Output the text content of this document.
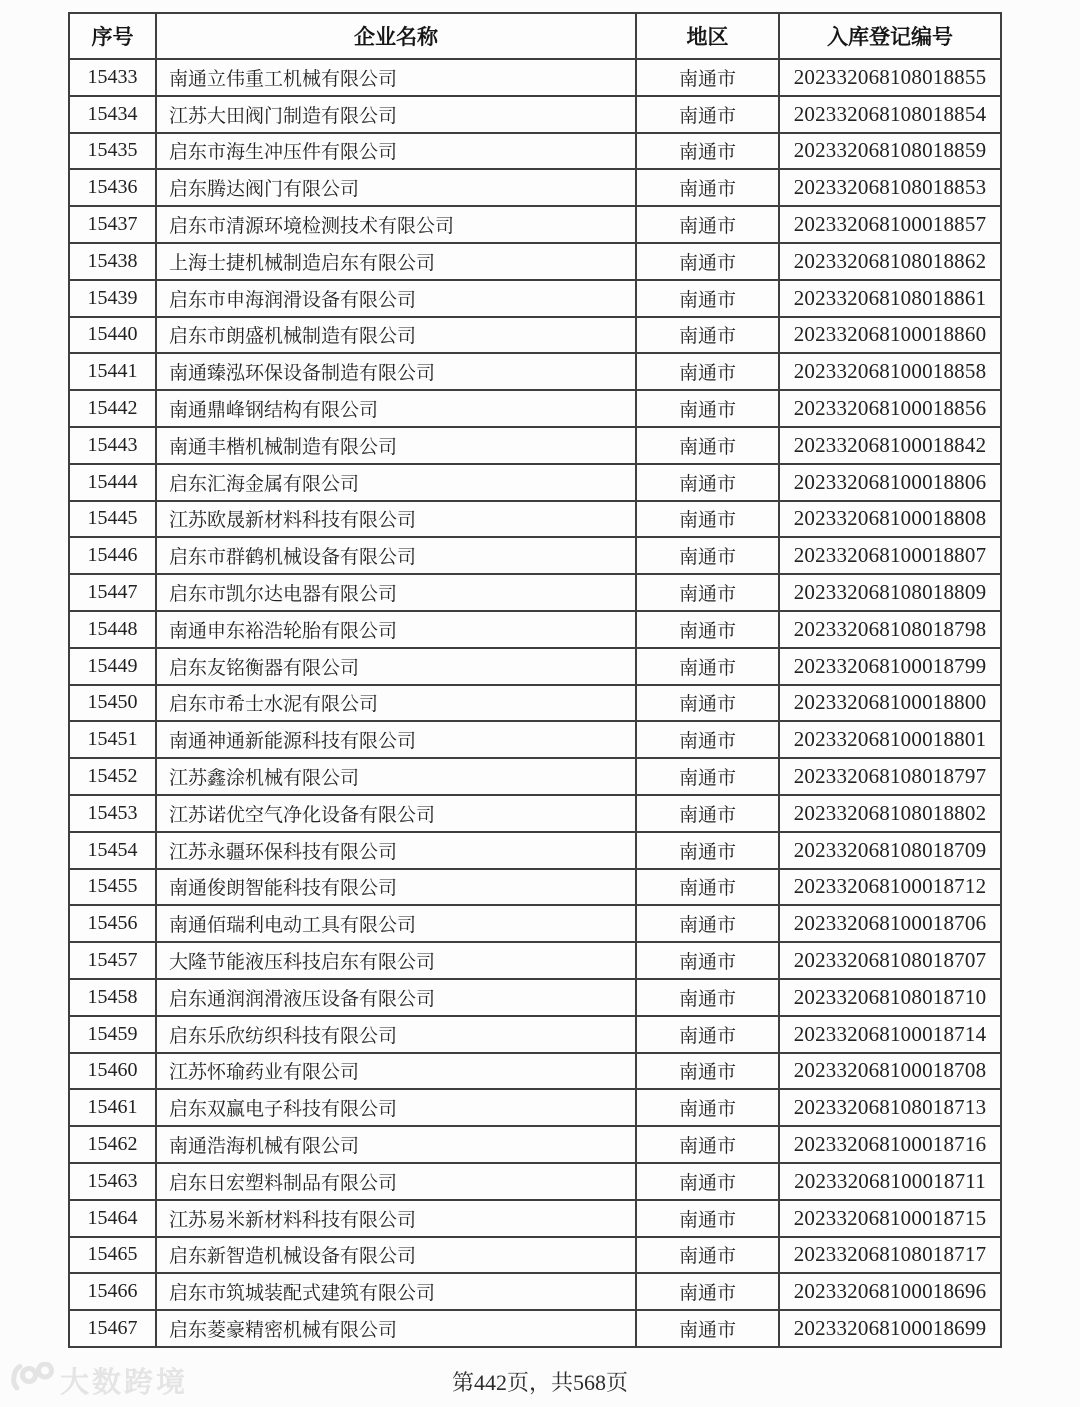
序号	企业名称	地区	入库登记编号
15433	南通立伟重工机械有限公司	南通市	202332068108018855
15434	江苏大田阀门制造有限公司	南通市	202332068108018854
15435	启东市海生冲压件有限公司	南通市	202332068108018859
15436	启东腾达阀门有限公司	南通市	202332068108018853
15437	启东市清源环境检测技术有限公司	南通市	202332068100018857
15438	上海士捷机械制造启东有限公司	南通市	202332068108018862
15439	启东市申海润滑设备有限公司	南通市	202332068108018861
15440	启东市朗盛机械制造有限公司	南通市	202332068100018860
15441	南通臻泓环保设备制造有限公司	南通市	202332068100018858
15442	南通鼎峰钢结构有限公司	南通市	202332068100018856
15443	南通丰楷机械制造有限公司	南通市	202332068100018842
15444	启东汇海金属有限公司	南通市	202332068100018806
15445	江苏欧晟新材料科技有限公司	南通市	202332068100018808
15446	启东市群鹤机械设备有限公司	南通市	202332068100018807
15447	启东市凯尔达电器有限公司	南通市	202332068108018809
15448	南通申东裕浩轮胎有限公司	南通市	202332068108018798
15449	启东友铭衡器有限公司	南通市	202332068100018799
15450	启东市希士水泥有限公司	南通市	202332068100018800
15451	南通神通新能源科技有限公司	南通市	202332068100018801
15452	江苏鑫涂机械有限公司	南通市	202332068108018797
15453	江苏诺优空气净化设备有限公司	南通市	202332068108018802
15454	江苏永疆环保科技有限公司	南通市	202332068108018709
15455	南通俊朗智能科技有限公司	南通市	202332068100018712
15456	南通佰瑞利电动工具有限公司	南通市	202332068100018706
15457	大隆节能液压科技启东有限公司	南通市	202332068108018707
15458	启东通润润滑液压设备有限公司	南通市	202332068108018710
15459	启东乐欣纺织科技有限公司	南通市	202332068100018714
15460	江苏怀瑜药业有限公司	南通市	202332068100018708
15461	启东双赢电子科技有限公司	南通市	202332068108018713
15462	南通浩海机械有限公司	南通市	202332068100018716
15463	启东日宏塑料制品有限公司	南通市	202332068100018711
15464	江苏易米新材料科技有限公司	南通市	202332068100018715
15465	启东新智造机械设备有限公司	南通市	202332068108018717
15466	启东市筑城装配式建筑有限公司	南通市	202332068100018696
15467	启东菱豪精密机械有限公司	南通市	202332068100018699
第442页，共568页
大数跨境
